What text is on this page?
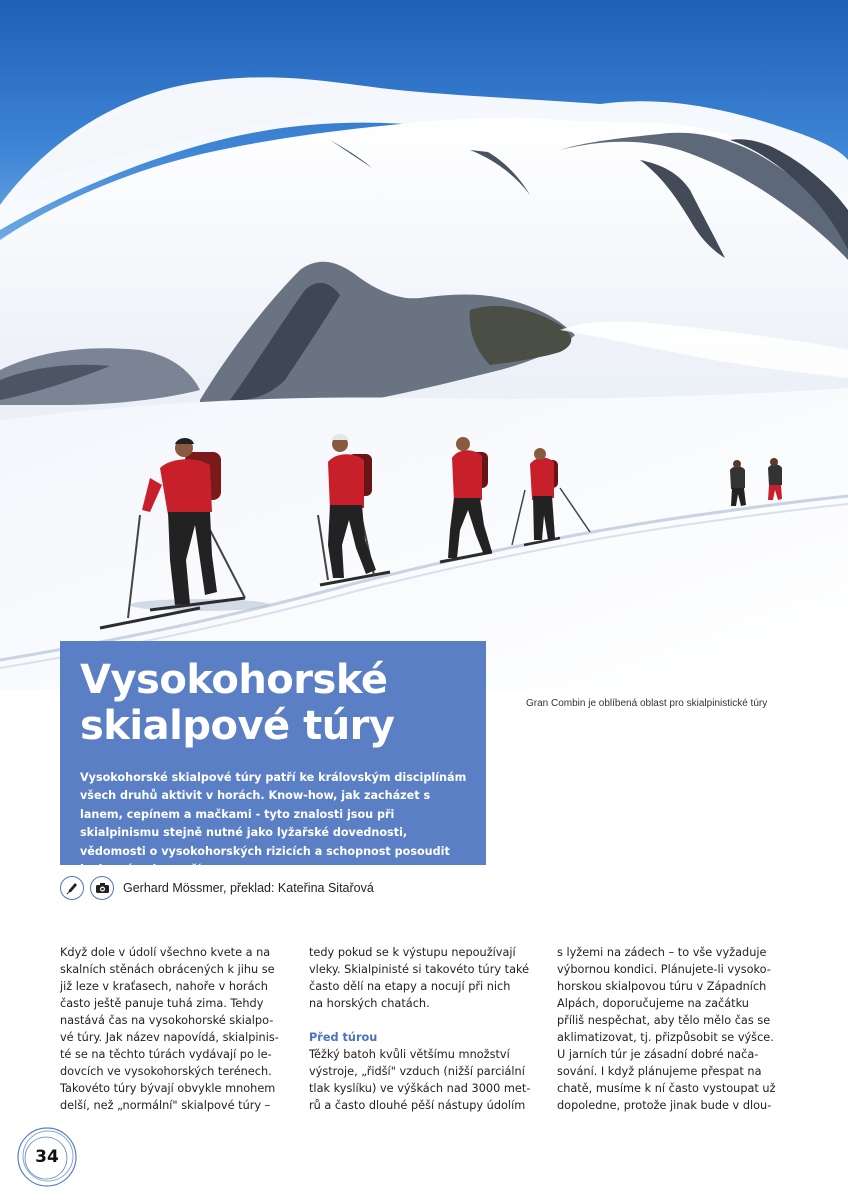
Vysokohorské
skialpové túry
Vysokohorské skialpové túry patří ke královským disciplínám všech druhů aktivit v horách. Know-how, jak zacházet s lanem, cepínem a mačkami - tyto znalosti jsou při skialpinismu stejně nutné jako lyžařské dovednosti, vědomosti o vysokohorských rizicích a schopnost posoudit lavinové nebezpečí.
Gran Combin je oblíbená oblast pro skialpinistické túry
Gerhard Mössmer, překlad: Kateřina Sitařová
Když dole v údolí všechno kvete a na
skalních stěnách obrácených k jihu se
již leze v kraťasech, nahoře v horách
často ještě panuje tuhá zima. Tehdy
nastává čas na vysokohorské skialpo-
vé túry. Jak název napovídá, skialpinis-
té se na těchto túrách vydávají po le-
dovcích ve vysokohorských terénech.
Takovéto túry bývají obvykle mnohem
delší, než „normální" skialpové túry –
tedy pokud se k výstupu nepoužívají
vleky. Skialpinisté si takovéto túry také
často dělí na etapy a nocují při nich
na horských chatách.
Před túrou
Těžký batoh kvůli většímu množství
výstroje, „řidší" vzduch (nižší parciální
tlak kyslíku) ve výškách nad 3000 met-
rů a často dlouhé pěší nástupy údolím
s lyžemi na zádech – to vše vyžaduje
výbornou kondici. Plánujete-li vysoko-
horskou skialpovou túru v Západních
Alpách, doporučujeme na začátku
příliš nespěchat, aby tělo mělo čas se
aklimatizovat, tj. přizpůsobit se výšce.
U jarních túr je zásadní dobré nača-
sování. I když plánujeme přespat na
chatě, musíme k ní často vystoupat už
dopoledne, protože jinak bude v dlou-
34
